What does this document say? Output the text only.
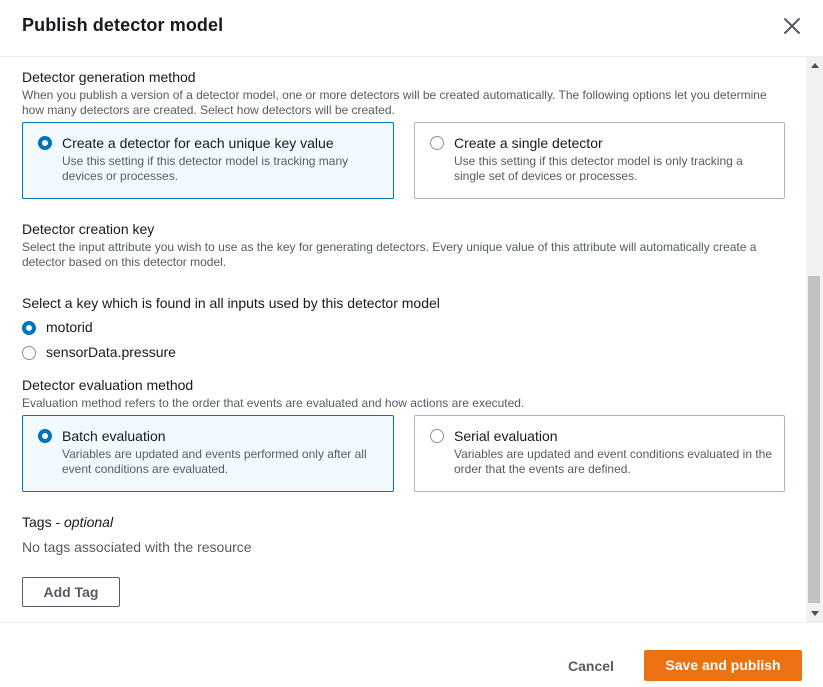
Publish detector model
Detector generation method
When you publish a version of a detector model, one or more detectors will be created automatically. The following options let you determine how many detectors are created. Select how detectors will be created.
Create a detector for each unique key value
Use this setting if this detector model is tracking many devices or processes.
Create a single detector
Use this setting if this detector model is only tracking a single set of devices or processes.
Detector creation key
Select the input attribute you wish to use as the key for generating detectors. Every unique value of this attribute will automatically create a detector based on this detector model.
Select a key which is found in all inputs used by this detector model
motorid
sensorData.pressure
Detector evaluation method
Evaluation method refers to the order that events are evaluated and how actions are executed.
Batch evaluation
Variables are updated and events performed only after all event conditions are evaluated.
Serial evaluation
Variables are updated and event conditions evaluated in the order that the events are defined.
Tags - optional
No tags associated with the resource
Add Tag
Cancel	Save and publish
